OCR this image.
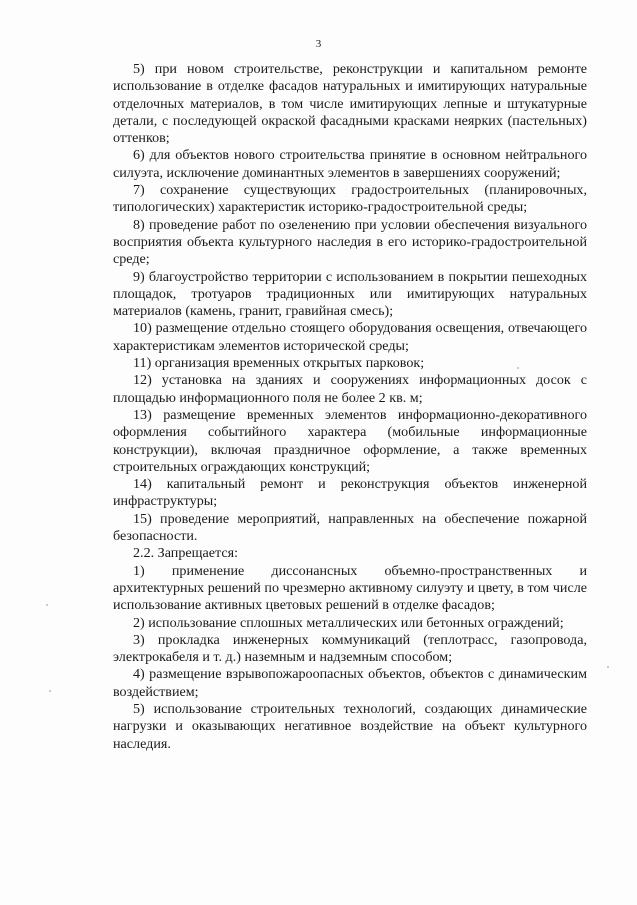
3

5) при новом строительстве, реконструкции и капитальном ремонте использование в отделке фасадов натуральных и имитирующих натуральные отделочных материалов, в том числе имитирующих лепные и штукатурные детали, с последующей окраской фасадными красками неярких (пастельных) оттенков;

6) для объектов нового строительства принятие в основном нейтрального силуэта, исключение доминантных элементов в завершениях сооружений;

7) сохранение существующих градостроительных (планировочных, типологических) характеристик историко-градостроительной среды;

8) проведение работ по озеленению при условии обеспечения визуального восприятия объекта культурного наследия в его историко-градостроительной среде;

9) благоустройство территории с использованием в покрытии пешеходных площадок, тротуаров традиционных или имитирующих натуральных материалов (камень, гранит, гравийная смесь);

10) размещение отдельно стоящего оборудования освещения, отвечающего характеристикам элементов исторической среды;

11) организация временных открытых парковок;

12) установка на зданиях и сооружениях информационных досок с площадью информационного поля не более 2 кв. м;

13) размещение временных элементов информационно-декоративного оформления событийного характера (мобильные информационные конструкции), включая праздничное оформление, а также временных строительных ограждающих конструкций;

14) капитальный ремонт и реконструкция объектов инженерной инфраструктуры;

15) проведение мероприятий, направленных на обеспечение пожарной безопасности.

2.2. Запрещается:

1) применение диссонансных объемно-пространственных и архитектурных решений по чрезмерно активному силуэту и цвету, в том числе использование активных цветовых решений в отделке фасадов;

2) использование сплошных металлических или бетонных ограждений;

3) прокладка инженерных коммуникаций (теплотрасс, газопровода, электрокабеля и т. д.) наземным и надземным способом;

4) размещение взрывопожароопасных объектов, объектов с динамическим воздействием;

5) использование строительных технологий, создающих динамические нагрузки и оказывающих негативное воздействие на объект культурного наследия.
